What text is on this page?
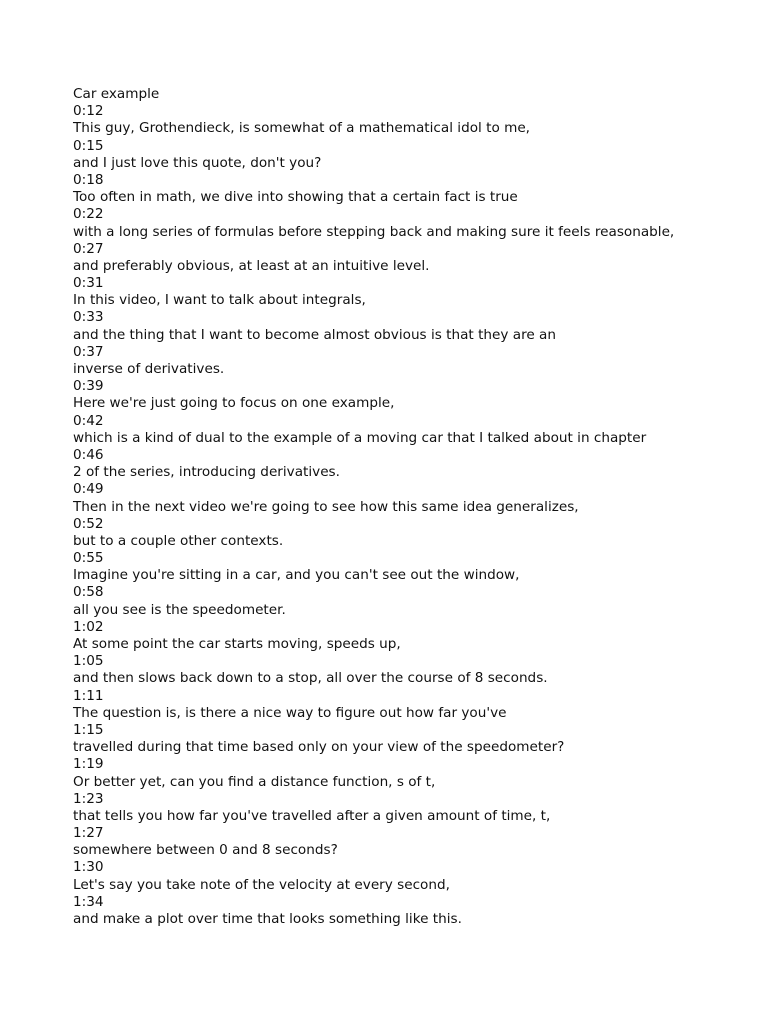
Car example
0:12
This guy, Grothendieck, is somewhat of a mathematical idol to me,
0:15
and I just love this quote, don't you?
0:18
Too often in math, we dive into showing that a certain fact is true
0:22
with a long series of formulas before stepping back and making sure it feels reasonable,
0:27
and preferably obvious, at least at an intuitive level.
0:31
In this video, I want to talk about integrals,
0:33
and the thing that I want to become almost obvious is that they are an
0:37
inverse of derivatives.
0:39
Here we're just going to focus on one example,
0:42
which is a kind of dual to the example of a moving car that I talked about in chapter
0:46
2 of the series, introducing derivatives.
0:49
Then in the next video we're going to see how this same idea generalizes,
0:52
but to a couple other contexts.
0:55
Imagine you're sitting in a car, and you can't see out the window,
0:58
all you see is the speedometer.
1:02
At some point the car starts moving, speeds up,
1:05
and then slows back down to a stop, all over the course of 8 seconds.
1:11
The question is, is there a nice way to figure out how far you've
1:15
travelled during that time based only on your view of the speedometer?
1:19
Or better yet, can you find a distance function, s of t,
1:23
that tells you how far you've travelled after a given amount of time, t,
1:27
somewhere between 0 and 8 seconds?
1:30
Let's say you take note of the velocity at every second,
1:34
and make a plot over time that looks something like this.
